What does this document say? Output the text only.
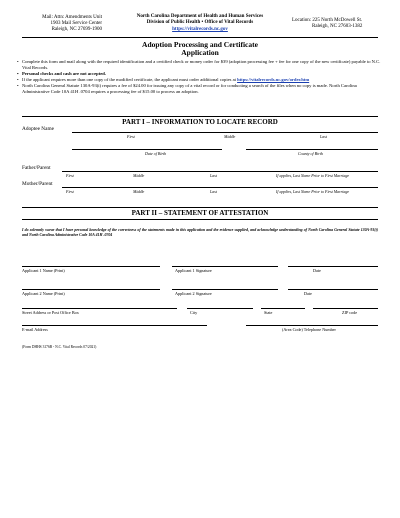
Mail: Attn: Amendments Unit
1903 Mail Service Center
Raleigh, NC 27699-1900
North Carolina Department of Health and Human Services
Division of Public Health • Office of Vital Records
https://vitalrecords.nc.gov
Location: 225 North McDowell St.
Raleigh, NC 27603-1382
Adoption Processing and Certificate
Application
• Complete this form and mail along with the required identification and a certified check or money order for $39 (adoption processing fee + fee for one copy of the new certificate) payable to N.C. Vital Records.
• Personal checks and cash are not accepted.
• If the applicant requires more than one copy of the modified certificate, the applicant must order additional copies at https://vitalrecords.nc.gov/order.htm
• North Carolina General Statute 130A-93(i) requires a fee of $24.00 for issuing any copy of a vital record or for conducting a search of the files when no copy is made. North Carolina Administrative Code 10A 41H .0704 requires a processing fee of $15.00 to process an adoption.
PART I – INFORMATION TO LOCATE RECORD
Adoptee Name
First	Middle	Last
Date of Birth	County of Birth
Father/Parent
First	Middle	Last	If applies, Last Name Prior to First Marriage
Mother/Parent
First	Middle	Last	If applies, Last Name Prior to First Marriage
PART II – STATEMENT OF ATTESTATION
I do solemnly swear that I have personal knowledge of the correctness of the statements made in this application and the evidence supplied, and acknowledge understanding of North Carolina General Statute 130A-93(i) and North Carolina Administrative Code 10A 41H .0704
Applicant 1 Name (Print)	Applicant 1 Signature	Date
Applicant 2 Name (Print)	Applicant 2 Signature	Date
Street Address or Post Office Box	City	State	ZIP code
E-mail Address	(Area Code) Telephone Number
(Form DHHS 3176B - N.C. Vital Records 07/2021)
